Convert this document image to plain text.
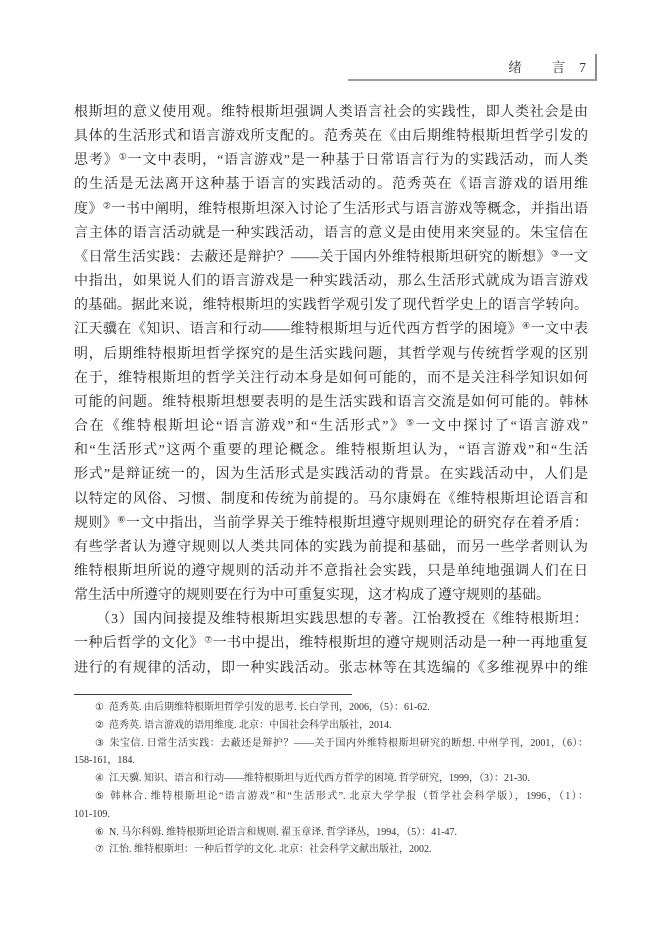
绪　　言 7
根斯坦的意义使用观。维特根斯坦强调人类语言社会的实践性，即人类社会是由
具体的生活形式和语言游戏所支配的。范秀英在《由后期维特根斯坦哲学引发的
思考》①一文中表明，“语言游戏”是一种基于日常语言行为的实践活动，而人类
的生活是无法离开这种基于语言的实践活动的。范秀英在《语言游戏的语用维
度》②一书中阐明，维特根斯坦深入讨论了生活形式与语言游戏等概念，并指出语
言主体的语言活动就是一种实践活动，语言的意义是由使用来突显的。朱宝信在
《日常生活实践：去蔽还是辩护？——关于国内外维特根斯坦研究的断想》③一文
中指出，如果说人们的语言游戏是一种实践活动，那么生活形式就成为语言游戏
的基础。据此来说，维特根斯坦的实践哲学观引发了现代哲学史上的语言学转向。
江天骥在《知识、语言和行动——维特根斯坦与近代西方哲学的困境》④一文中表
明，后期维特根斯坦哲学探究的是生活实践问题，其哲学观与传统哲学观的区别
在于，维特根斯坦的哲学关注行动本身是如何可能的，而不是关注科学知识如何
可能的问题。维特根斯坦想要表明的是生活实践和语言交流是如何可能的。韩林
合在《维特根斯坦论“语言游戏”和“生活形式”》⑤一文中探讨了“语言游戏”
和“生活形式”这两个重要的理论概念。维特根斯坦认为，“语言游戏”和“生活
形式”是辩证统一的，因为生活形式是实践活动的背景。在实践活动中，人们是
以特定的风俗、习惯、制度和传统为前提的。马尔康姆在《维特根斯坦论语言和
规则》⑥一文中指出，当前学界关于维特根斯坦遵守规则理论的研究存在着矛盾：
有些学者认为遵守规则以人类共同体的实践为前提和基础，而另一些学者则认为
维特根斯坦所说的遵守规则的活动并不意指社会实践，只是单纯地强调人们在日
常生活中所遵守的规则要在行为中可重复实现，这才构成了遵守规则的基础。
　　（3）国内间接提及维特根斯坦实践思想的专著。江怡教授在《维特根斯坦：
一种后哲学的文化》⑦一书中提出，维特根斯坦的遵守规则活动是一种一再地重复
进行的有规律的活动，即一种实践活动。张志林等在其选编的《多维视界中的维
① 范秀英. 由后期维特根斯坦哲学引发的思考. 长白学刊，2006，（5）：61-62.
② 范秀英. 语言游戏的语用维度. 北京：中国社会科学出版社，2014.
③ 朱宝信. 日常生活实践：去蔽还是辩护？——关于国内外维特根斯坦研究的断想. 中州学刊，2001，（6）：
158-161，184.
④ 江天骥. 知识、语言和行动——维特根斯坦与近代西方哲学的困境. 哲学研究，1999，（3）：21-30.
⑤ 韩林合. 维特根斯坦论“语言游戏”和“生活形式”. 北京大学学报（哲学社会科学版），1996，（1）：
101-109.
⑥ N. 马尔科姆. 维特根斯坦论语言和规则. 翟玉章译. 哲学译丛，1994，（5）：41-47.
⑦ 江怡. 维特根斯坦：一种后哲学的文化. 北京：社会科学文献出版社，2002.
